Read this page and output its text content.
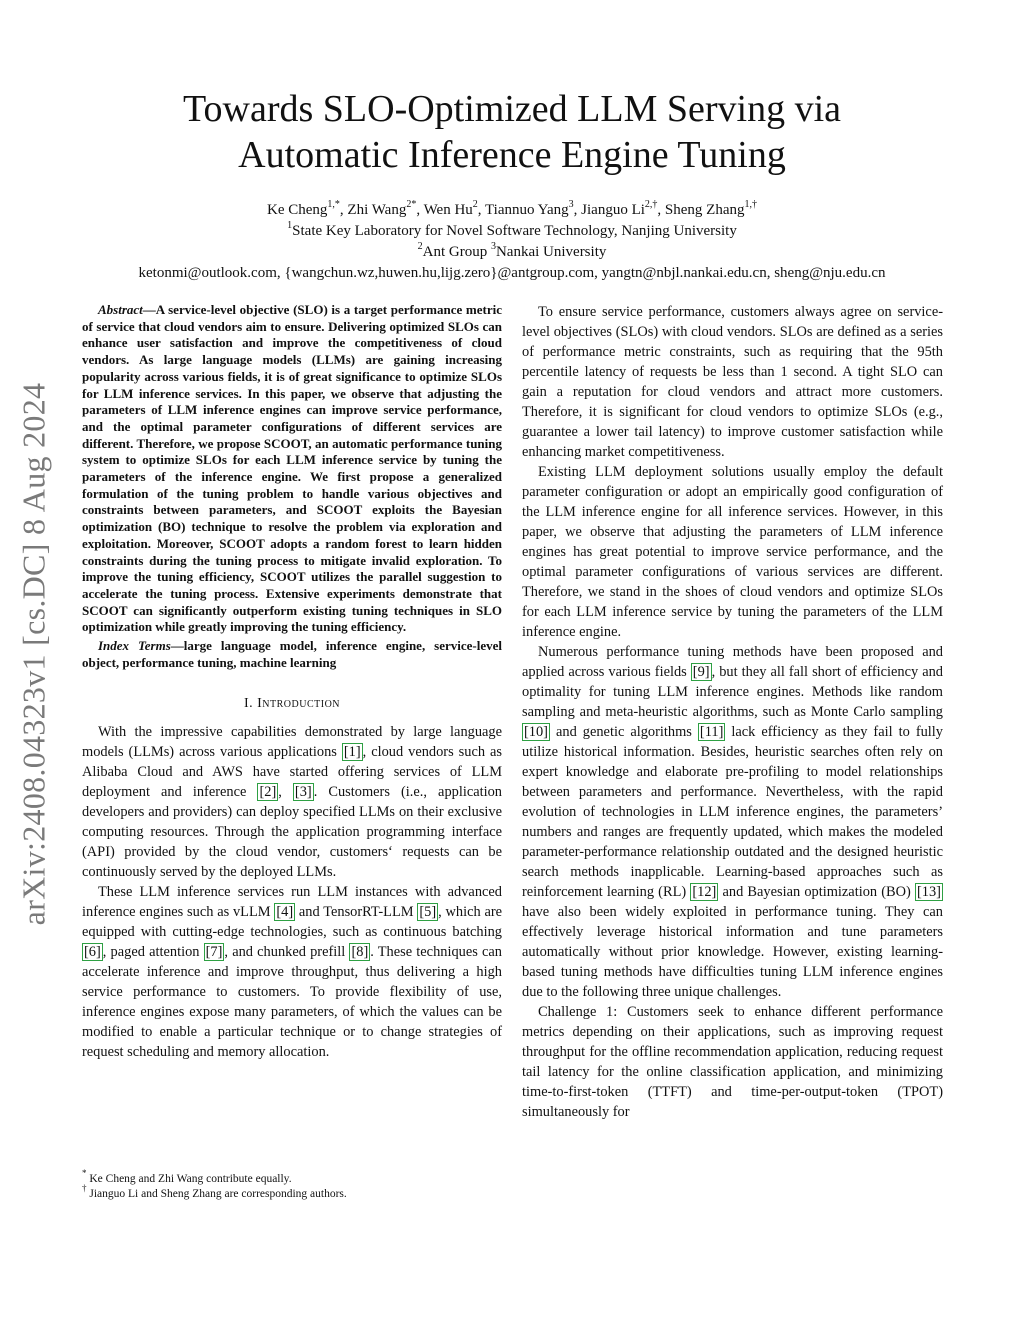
arXiv:2408.04323v1 [cs.DC] 8 Aug 2024
Towards SLO-Optimized LLM Serving via
Automatic Inference Engine Tuning
Ke Cheng$^{1,*}$, Zhi Wang$^{2*}$, Wen Hu$^2$, Tiannuo Yang$^3$, Jianguo $Li^{2,\dagger}$, Sheng Zhang$^{1,\dagger}$
$^1$State Key Laboratory for Novel Software Technology, Nanjing University
$^2$Ant Group $^3$Nankai University
ketonmi@outlook.com, {wangchun.wz,huwen.hu,lijg.zero}@antgroup.com, yangtn@nbjl.nankai.edu.cn, sheng@nju.edu.cn

Abstract—A service-level objective (SLO) is a target performance metric of service that cloud vendors aim to ensure. Delivering optimized SLOs can enhance user satisfaction and improve the competitiveness of cloud vendors. As large language models (LLMs) are gaining increasing popularity across various fields, it is of great significance to optimize SLOs for LLM inference services. In this paper, we observe that adjusting the parameters of LLM inference engines can improve service performance, and the optimal parameter configurations of different services are different. Therefore, we propose SCOOT, an automatic performance tuning system to optimize SLOs for each LLM inference service by tuning the parameters of the inference engine. We first propose a generalized formulation of the tuning problem to handle various objectives and constraints between parameters, and SCOOT exploits the Bayesian optimization (BO) technique to resolve the problem via exploration and exploitation. Moreover, SCOOT adopts a random forest to learn hidden constraints during the tuning process to mitigate invalid exploration. To improve the tuning efficiency, SCOOT utilizes the parallel suggestion to accelerate the tuning process. Extensive experiments demonstrate that SCOOT can significantly outperform existing tuning techniques in SLO optimization while greatly improving the tuning efficiency.

Index Terms—large language model, inference engine, service-level object, performance tuning, machine learning

I. Introduction

With the impressive capabilities demonstrated by large language models (LLMs) across various applications [1] , cloud vendors such as Alibaba Cloud and AWS have started offering services of LLM deployment and inference [2] , [3] . Customers (i.e., application developers and providers) can deploy specified LLMs on their exclusive computing resources. Through the application programming interface (API) provided by the cloud vendor, customers‘ requests can be continuously served by the deployed LLMs.

These LLM inference services run LLM instances with advanced inference engines such as vLLM [4] and TensorRT-LLM [5] , which are equipped with cutting-edge technologies, such as continuous batching [6] , paged attention [7] , and chunked prefill [8] . These techniques can accelerate inference and improve throughput, thus delivering a high service performance to customers. To provide flexibility of use, inference engines expose many parameters, of which the values can be modified to enable a particular technique or to change strategies of request scheduling and memory allocation.

To ensure service performance, customers always agree on service-level objectives (SLOs) with cloud vendors. SLOs are defined as a series of performance metric constraints, such as requiring that the 95th percentile latency of requests be less than 1 second. A tight SLO can gain a reputation for cloud vendors and attract more customers. Therefore, it is significant for cloud vendors to optimize SLOs (e.g., guarantee a lower tail latency) to improve customer satisfaction while enhancing market competitiveness.

Existing LLM deployment solutions usually employ the default parameter configuration or adopt an empirically good configuration of the LLM inference engine for all inference services. However, in this paper, we observe that adjusting the parameters of LLM inference engines has great potential to improve service performance, and the optimal parameter configurations of various services are different. Therefore, we stand in the shoes of cloud vendors and optimize SLOs for each LLM inference service by tuning the parameters of the LLM inference engine.

Numerous performance tuning methods have been proposed and applied across various fields [9] , but they all fall short of efficiency and optimality for tuning LLM inference engines. Methods like random sampling and meta-heuristic algorithms, such as Monte Carlo sampling [10] and genetic algorithms [11] lack efficiency as they fail to fully utilize historical information. Besides, heuristic searches often rely on expert knowledge and elaborate pre-profiling to model relationships between parameters and performance. Nevertheless, with the rapid evolution of technologies in LLM inference engines, the parameters’ numbers and ranges are frequently updated, which makes the modeled parameter-performance relationship outdated and the designed heuristic search methods inapplicable. Learning-based approaches such as reinforcement learning (RL) [12] and Bayesian optimization (BO) [13] have also been widely exploited in performance tuning. They can effectively leverage historical information and tune parameters automatically without prior knowledge. However, existing learning-based tuning methods have difficulties tuning LLM inference engines due to the following three unique challenges.

Challenge 1: Customers seek to enhance different performance metrics depending on their applications, such as improving request throughput for the offline recommendation application, reducing request tail latency for the online classification application, and minimizing time-to-first-token (TTFT) and time-per-output-token (TPOT) simultaneously for

* Ke Cheng and Zhi Wang contribute equally.
† Jianguo Li and Sheng Zhang are corresponding authors.
